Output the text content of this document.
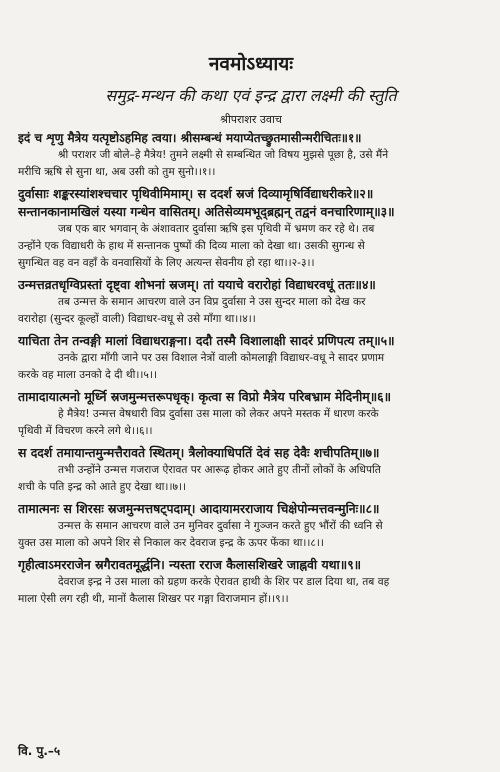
नवमोऽध्यायः
समुद्र-मन्थन की कथा एवं इन्द्र द्वारा लक्ष्मी की स्तुति
श्रीपराशर उवाच
इदं च शृणु मैत्रेय यत्पृष्टोऽहमिह त्वया। श्रीसम्बन्धं मयाप्येतच्छ्रुतमासीन्मरीचितः॥१॥
श्री पराशर जी बोले–हे मैत्रेय! तुमने लक्ष्मी से सम्बन्धित जो विषय मुझसे पूछा है, उसे मैंने
मरीचि ऋषि से सुना था, अब उसी को तुम सुनो।।१।।
दुर्वासाः शङ्करस्यांशश्चचार पृथिवीमिमाम्। स ददर्श स्रजं दिव्यामृषिर्विद्याधरीकरे॥२॥
सन्तानकानामखिलं यस्या गन्धेन वासितम्। अतिसेव्यमभूद्ब्रह्मन् तद्वनं वनचारिणाम्॥३॥
जब एक बार भगवान् के अंशावतार दुर्वासा ऋषि इस पृथिवी में भ्रमण कर रहे थे। तब
उन्होंने एक विद्याधरी के हाथ में सन्तानक पुष्पों की दिव्य माला को देखा था। उसकी सुगन्ध से
सुगन्धित वह वन वहाँ के वनवासियों के लिए अत्यन्त सेवनीय हो रहा था।।२-३।।
उन्मत्तव्रतधृग्विप्रस्तां दृष्ट्वा शोभनां स्रजम्। तां ययाचे वरारोहां विद्याधरवधूं ततः॥४॥
तब उन्मत्त के समान आचरण वाले उन विप्र दुर्वासा ने उस सुन्दर माला को देख कर
वरारोहा (सुन्दर कूल्हों वाली) विद्याधर-वधू से उसे माँगा था।।४।।
याचिता तेन तन्वङ्गी मालां विद्याधराङ्गना। ददौ तस्मै विशालाक्षी सादरं प्रणिपत्य तम्॥५॥
उनके द्वारा माँगी जाने पर उस विशाल नेत्रों वाली कोमलाङ्गी विद्याधर-वधू ने सादर प्रणाम
करके वह माला उनको दे दी थी।।५।।
तामादायात्मनो मूर्ध्नि स्रजमुन्मत्तरूपधृक्। कृत्वा स विप्रो मैत्रेय परिबभ्राम मेदिनीम्॥६॥
हे मैत्रेय! उन्मत्त वेषधारी विप्र दुर्वासा उस माला को लेकर अपने मस्तक में धारण करके
पृथिवी में विचरण करने लगे थे।।६।।
स ददर्श तमायान्तमुन्मत्तैरावते स्थितम्। त्रैलोक्याधिपतिं देवं सह देवैः शचीपतिम्॥७॥
तभी उन्होंने उन्मत्त गजराज ऐरावत पर आरूढ़ होकर आते हुए तीनों लोकों के अधिपति
शची के पति इन्द्र को आते हुए देखा था।।७।।
तामात्मनः स शिरसः स्रजमुन्मत्तषट्पदाम्। आदायामरराजाय चिक्षेपोन्मत्तवन्मुनिः॥८॥
उन्मत्त के समान आचरण वाले उन मुनिवर दुर्वासा ने गुञ्जन करते हुए भौंरों की ध्वनि से
युक्त उस माला को अपने शिर से निकाल कर देवराज इन्द्र के ऊपर फेंका था।।८।।
गृहीत्वाऽमरराजेन स्रगैरावतमूर्द्धनि। न्यस्ता रराज कैलासशिखरे जाह्नवी यथा॥९॥
देवराज इन्द्र ने उस माला को ग्रहण करके ऐरावत हाथी के शिर पर डाल दिया था, तब वह
माला ऐसी लग रही थी, मानों कैलास शिखर पर गङ्गा विराजमान हों।।९।।
वि. पु.–५
